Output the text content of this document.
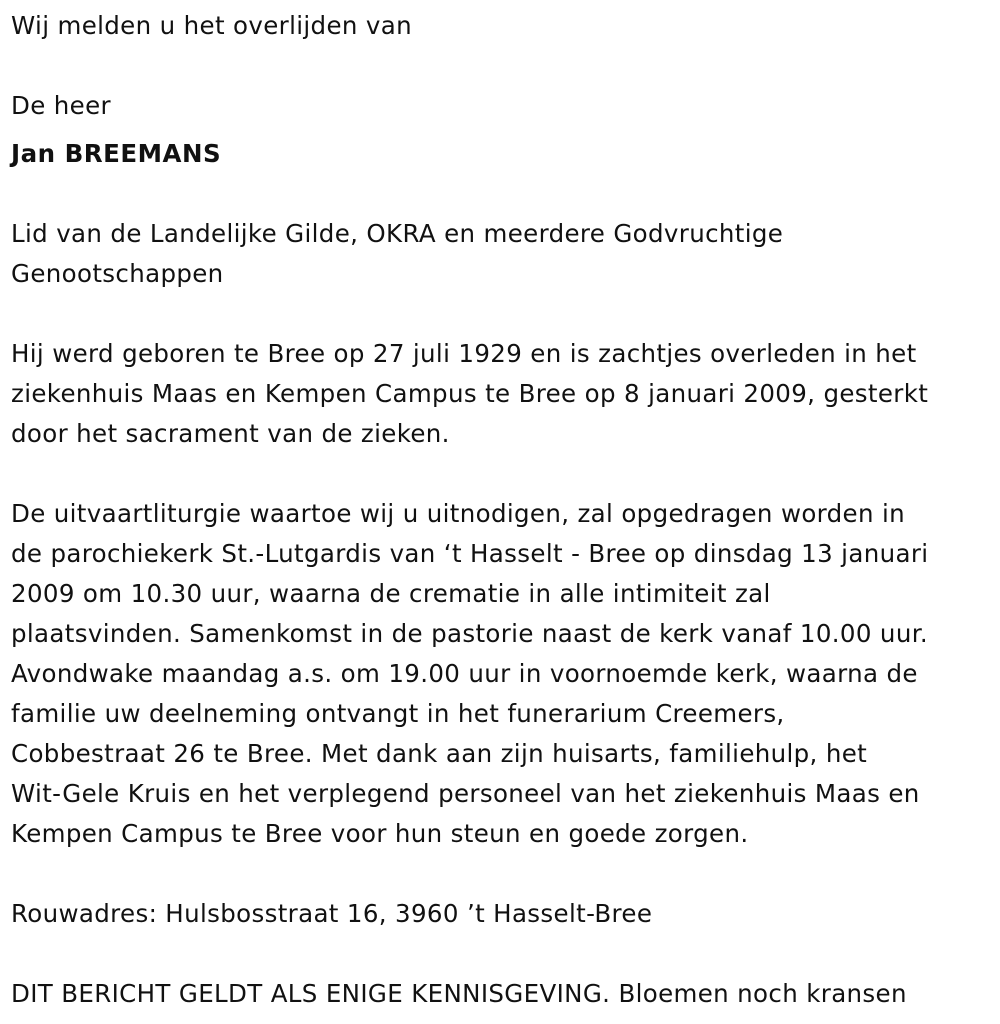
Wij melden u het overlijden van
De heer
Jan BREEMANS
Lid van de Landelijke Gilde, OKRA en meerdere Godvruchtige
Genootschappen
Hij werd geboren te Bree op 27 juli 1929 en is zachtjes overleden in het
ziekenhuis Maas en Kempen Campus te Bree op 8 januari 2009, gesterkt
door het sacrament van de zieken.
De uitvaartliturgie waartoe wij u uitnodigen, zal opgedragen worden in
de parochiekerk St.-Lutgardis van ‘t Hasselt - Bree op dinsdag 13 januari
2009 om 10.30 uur, waarna de crematie in alle intimiteit zal
plaatsvinden. Samenkomst in de pastorie naast de kerk vanaf 10.00 uur.
Avondwake maandag a.s. om 19.00 uur in voornoemde kerk, waarna de
familie uw deelneming ontvangt in het funerarium Creemers,
Cobbestraat 26 te Bree. Met dank aan zijn huisarts, familiehulp, het
Wit-Gele Kruis en het verplegend personeel van het ziekenhuis Maas en
Kempen Campus te Bree voor hun steun en goede zorgen.
Rouwadres: Hulsbosstraat 16, 3960 ’t Hasselt-Bree
DIT BERICHT GELDT ALS ENIGE KENNISGEVING. Bloemen noch kransen
